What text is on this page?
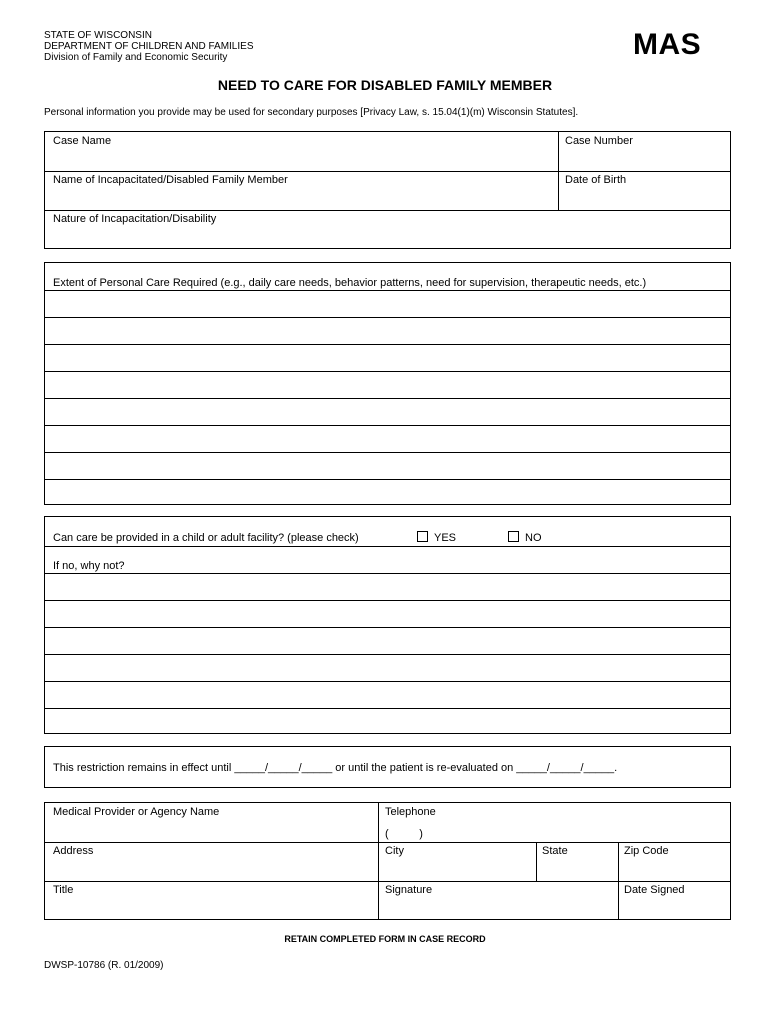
STATE OF WISCONSIN
DEPARTMENT OF CHILDREN AND FAMILIES
Division of Family and Economic Security	MAS
NEED TO CARE FOR DISABLED FAMILY MEMBER
Personal information you provide may be used for secondary purposes [Privacy Law, s. 15.04(1)(m) Wisconsin Statutes].
Case Name	Case Number
Name of Incapacitated/Disabled Family Member	Date of Birth
Nature of Incapacitation/Disability
Extent of Personal Care Required (e.g., daily care needs, behavior patterns, need for supervision, therapeutic needs, etc.)
Can care be provided in a child or adult facility? (please check)	YES	NO
If no, why not?
This restriction remains in effect until _____/_____/_____ or until the patient is re-evaluated on _____/_____/_____.
Medical Provider or Agency Name	Telephone
(          )
Address	City	State	Zip Code
Title	Signature	Date Signed
RETAIN COMPLETED FORM IN CASE RECORD
DWSP-10786 (R. 01/2009)
